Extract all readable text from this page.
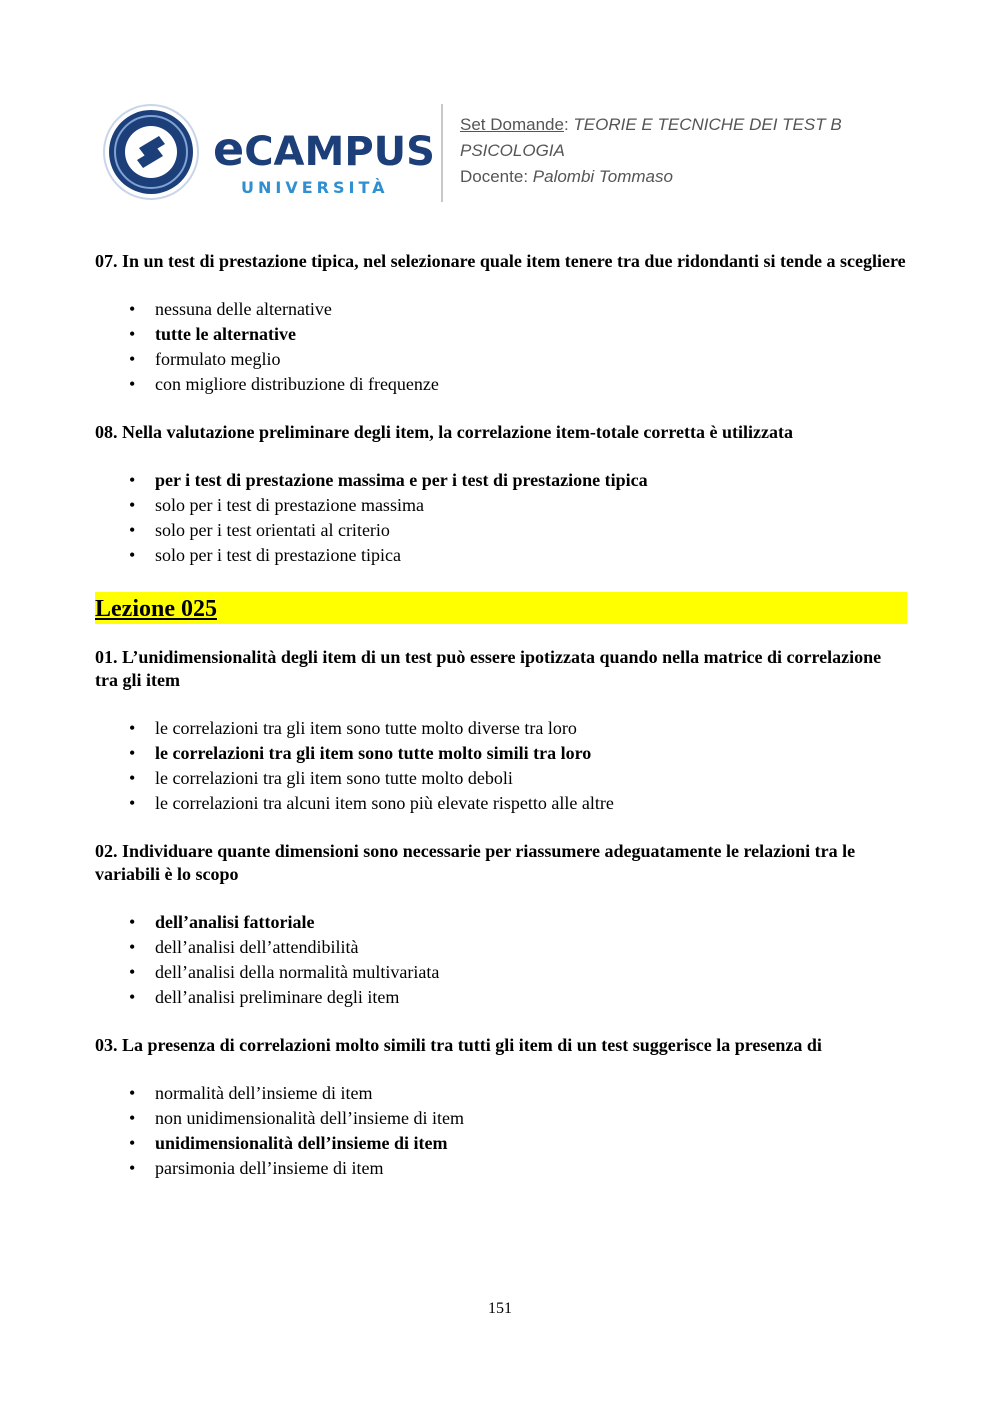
eCAMPUS
UNIVERSITÀ
Set Domande: TEORIE E TECNICHE DEI TEST B
PSICOLOGIA
Docente: Palombi Tommaso

07. In un test di prestazione tipica, nel selezionare quale item tenere tra due ridondanti si tende a scegliere

• nessuna delle alternative
• tutte le alternative
• formulato meglio
• con migliore distribuzione di frequenze

08. Nella valutazione preliminare degli item, la correlazione item-totale corretta è utilizzata

• per i test di prestazione massima e per i test di prestazione tipica
• solo per i test di prestazione massima
• solo per i test orientati al criterio
• solo per i test di prestazione tipica
Lezione 025

01. L’unidimensionalità degli item di un test può essere ipotizzata quando nella matrice di correlazione tra gli item

• le correlazioni tra gli item sono tutte molto diverse tra loro
• le correlazioni tra gli item sono tutte molto simili tra loro
• le correlazioni tra gli item sono tutte molto deboli
• le correlazioni tra alcuni item sono più elevate rispetto alle altre

02. Individuare quante dimensioni sono necessarie per riassumere adeguatamente le relazioni tra le variabili è lo scopo

• dell’analisi fattoriale
• dell’analisi dell’attendibilità
• dell’analisi della normalità multivariata
• dell’analisi preliminare degli item

03. La presenza di correlazioni molto simili tra tutti gli item di un test suggerisce la presenza di

• normalità dell’insieme di item
• non unidimensionalità dell’insieme di item
• unidimensionalità dell’insieme di item
• parsimonia dell’insieme di item
151
